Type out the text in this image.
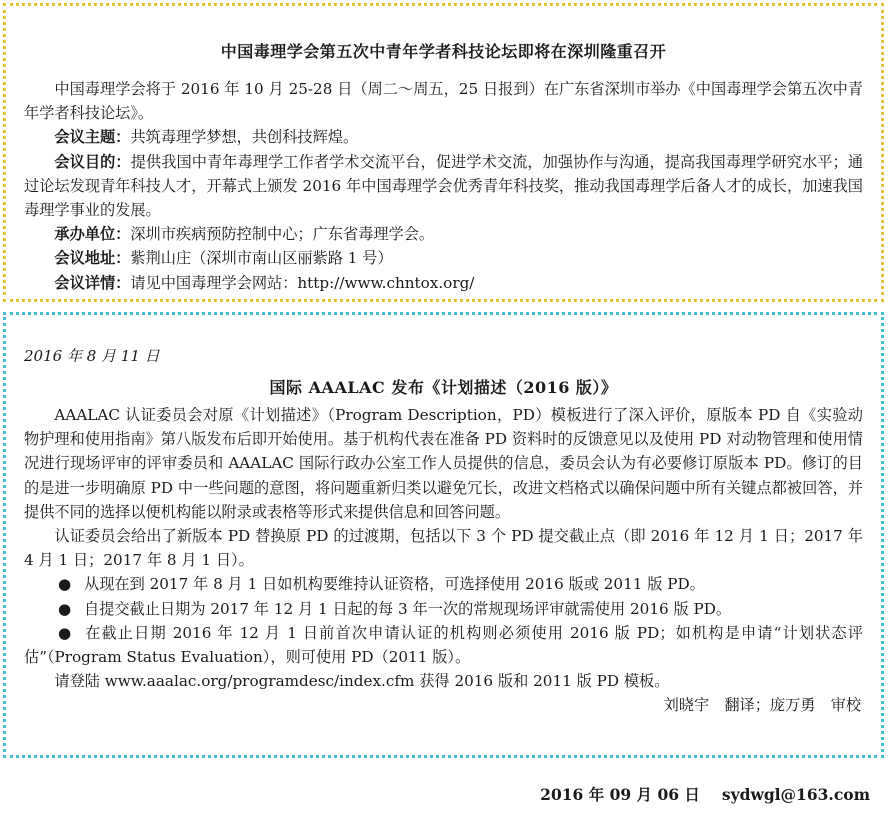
中国毒理学会第五次中青年学者科技论坛即将在深圳隆重召开

中国毒理学会将于 2016 年 10 月 25-28 日（周二～周五，25 日报到）在广东省深圳市举办《中国毒理学会第五次中青年学者科技论坛》。

会议主题：共筑毒理学梦想，共创科技辉煌。

会议目的：提供我国中青年毒理学工作者学术交流平台，促进学术交流，加强协作与沟通，提高我国毒理学研究水平；通过论坛发现青年科技人才，开幕式上颁发 2016 年中国毒理学会优秀青年科技奖，推动我国毒理学后备人才的成长，加速我国毒理学事业的发展。

承办单位：深圳市疾病预防控制中心；广东省毒理学会。

会议地址：紫荆山庄（深圳市南山区丽紫路 1 号）

会议详情：请见中国毒理学会网站：http://www.chntox.org/

2016 年 8 月 11 日
国际 AAALAC 发布《计划描述（2016 版）》

AAALAC 认证委员会对原《计划描述》（Program Description，PD）模板进行了深入评价，原版本 PD 自《实验动物护理和使用指南》第八版发布后即开始使用。基于机构代表在准备 PD 资料时的反馈意见以及使用 PD 对动物管理和使用情况进行现场评审的评审委员和 AAALAC 国际行政办公室工作人员提供的信息，委员会认为有必要修订原版本 PD。修订的目的是进一步明确原 PD 中一些问题的意图，将问题重新归类以避免冗长，改进文档格式以确保问题中所有关键点都被回答，并提供不同的选择以便机构能以附录或表格等形式来提供信息和回答问题。

认证委员会给出了新版本 PD 替换原 PD 的过渡期，包括以下 3 个 PD 提交截止点（即 2016 年 12 月 1 日；2017 年 4 月 1 日；2017 年 8 月 1 日）。

● 从现在到 2017 年 8 月 1 日如机构要维持认证资格，可选择使用 2016 版或 2011 版 PD。
● 自提交截止日期为 2017 年 12 月 1 日起的每 3 年一次的常规现场评审就需使用 2016 版 PD。

● 在截止日期 2016 年 12 月 1 日前首次申请认证的机构则必须使用 2016 版 PD；如机构是申请“计划状态评估”（Program Status Evaluation），则可使用 PD（2011 版）。

请登陆 www.aaalac.org/programdesc/index.cfm 获得 2016 版和 2011 版 PD 模板。

刘晓宇　翻译；庞万勇　审校
2016 年 09 月 06 日 sydwgl@163.com
